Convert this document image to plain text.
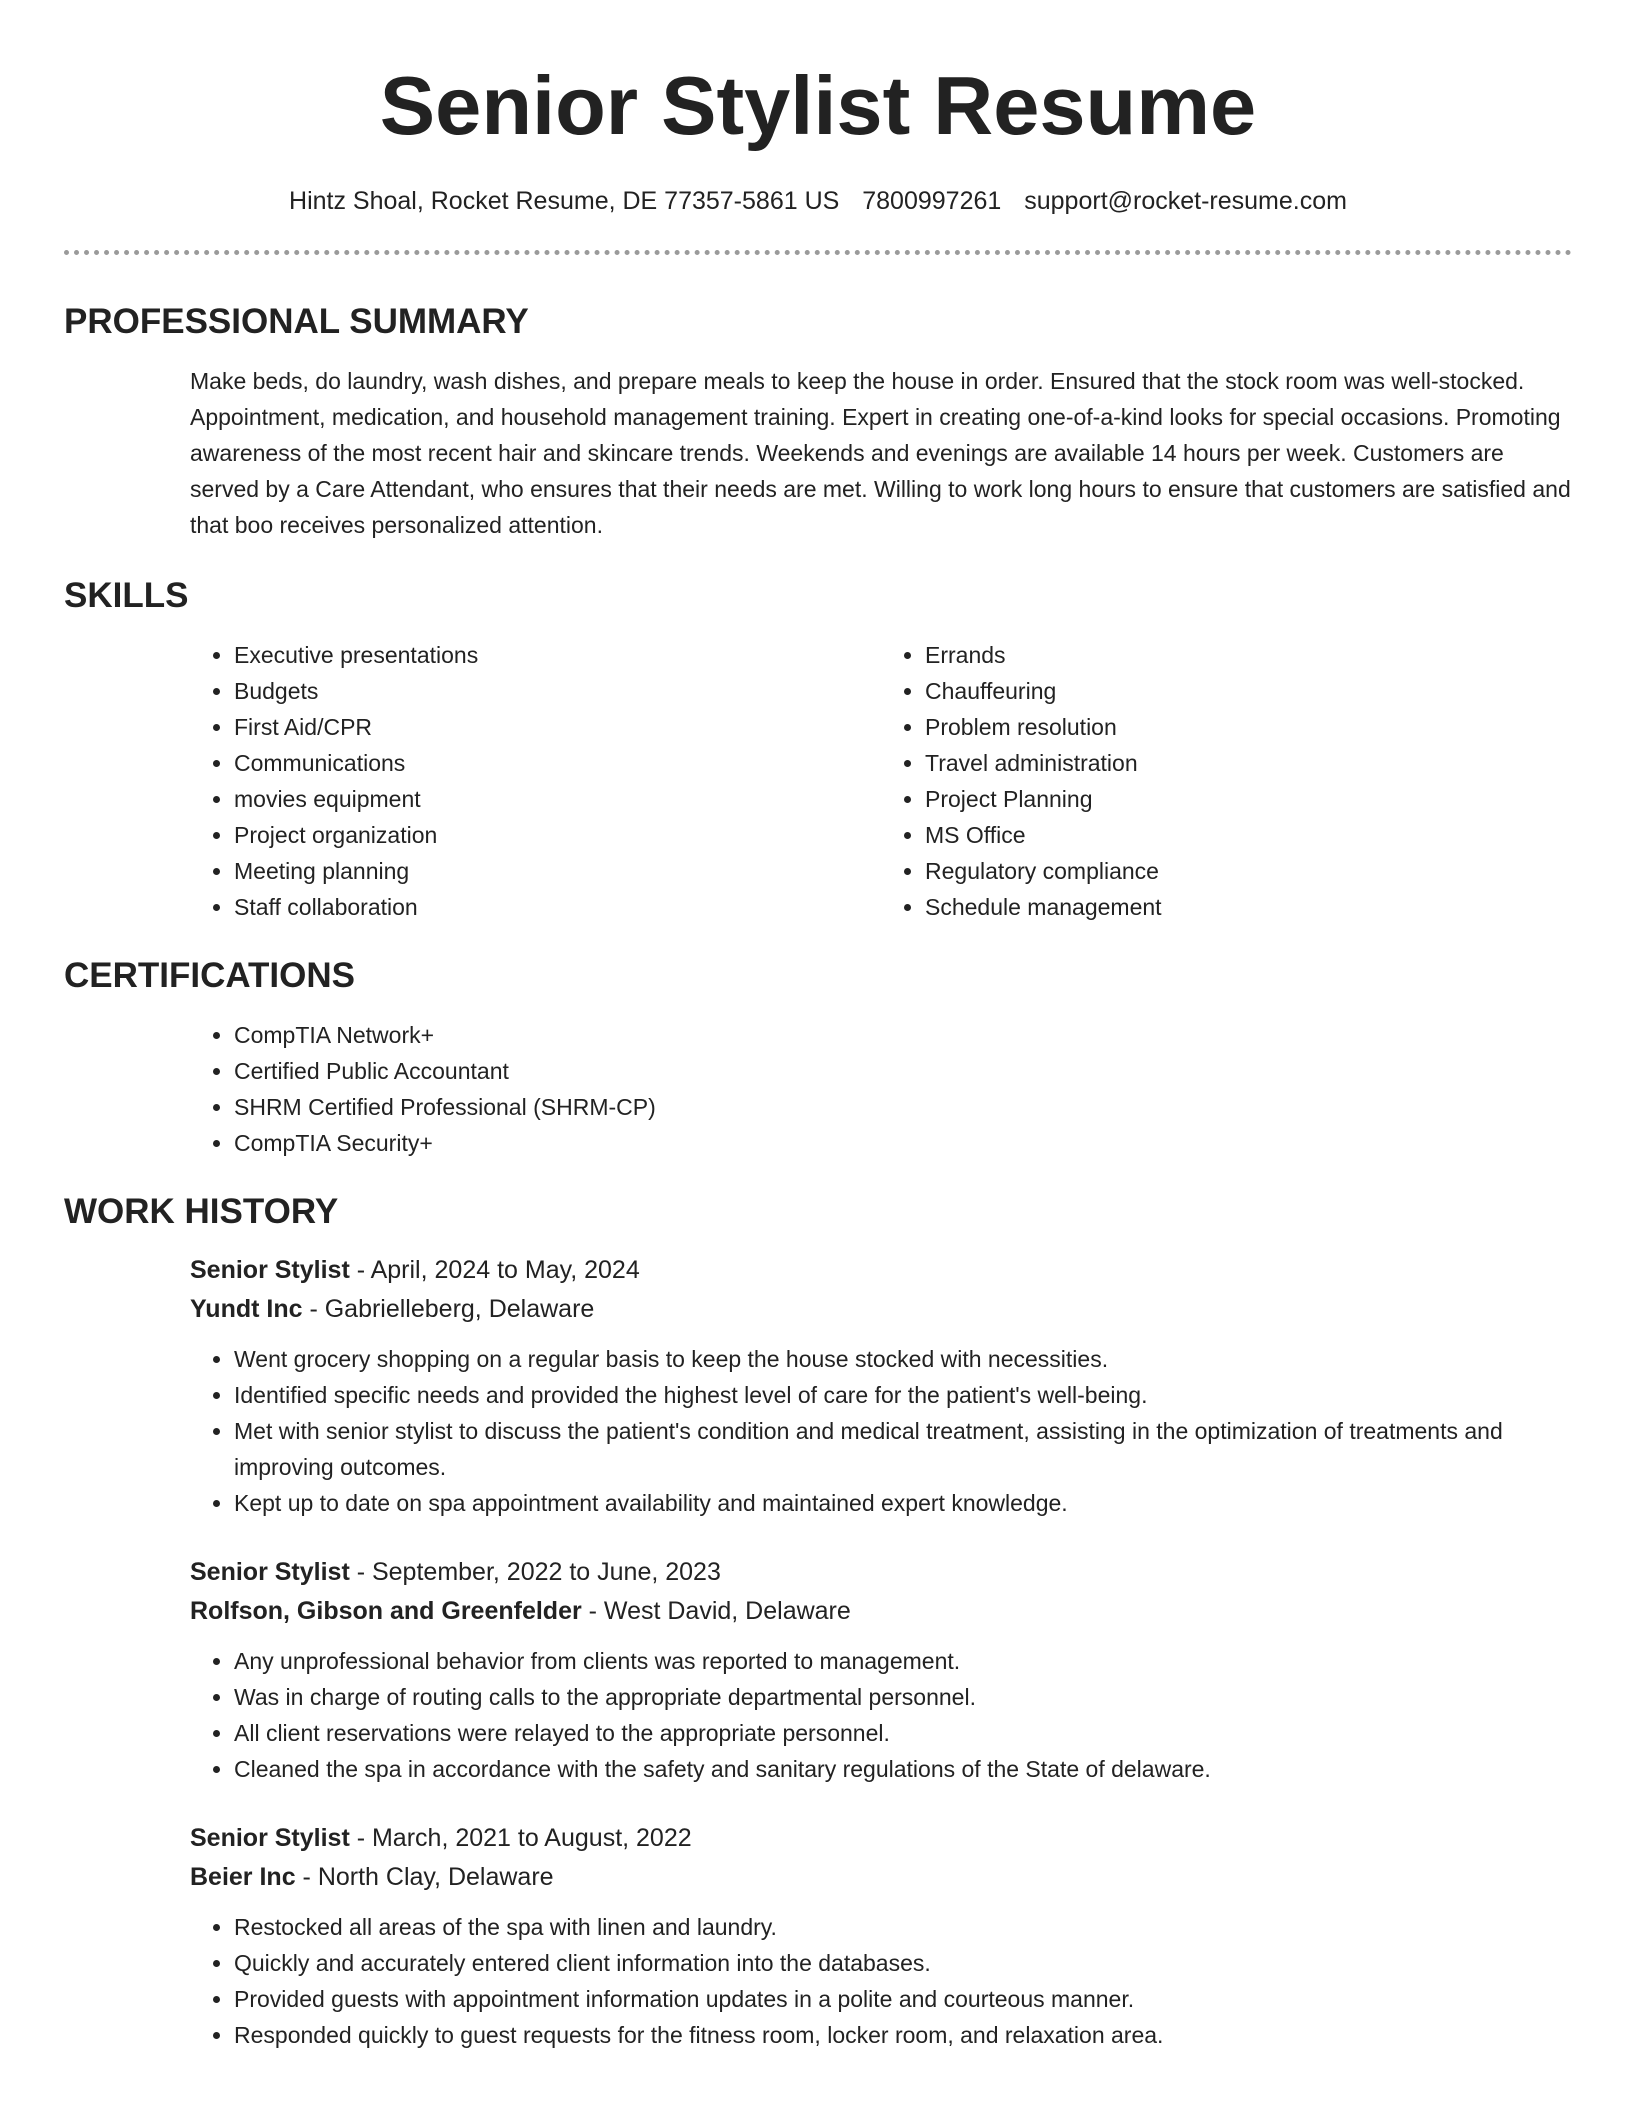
Senior Stylist Resume
Hintz Shoal, Rocket Resume, DE 77357-5861 US 7800997261 support@rocket-resume.com
PROFESSIONAL SUMMARY

Make beds, do laundry, wash dishes, and prepare meals to keep the house in order. Ensured that the stock room was well-stocked. Appointment, medication, and household management training. Expert in creating one-of-a-kind looks for special occasions. Promoting awareness of the most recent hair and skincare trends. Weekends and evenings are available 14 hours per week. Customers are served by a Care Attendant, who ensures that their needs are met. Willing to work long hours to ensure that customers are satisfied and that boo receives personalized attention.

SKILLS
• Executive presentations
• Budgets
• First Aid/CPR
• Communications
• movies equipment
• Project organization
• Meeting planning
• Staff collaboration
• Errands
• Chauffeuring
• Problem resolution
• Travel administration
• Project Planning
• MS Office
• Regulatory compliance
• Schedule management
CERTIFICATIONS
• CompTIA Network+
• Certified Public Accountant
• SHRM Certified Professional (SHRM-CP)
• CompTIA Security+
WORK HISTORY
Senior Stylist - April, 2024 to May, 2024
Yundt Inc - Gabrielleberg, Delaware
• Went grocery shopping on a regular basis to keep the house stocked with necessities.
• Identified specific needs and provided the highest level of care for the patient's well-being.
• Met with senior stylist to discuss the patient's condition and medical treatment, assisting in the optimization of treatments and improving outcomes.
• Kept up to date on spa appointment availability and maintained expert knowledge.
Senior Stylist - September, 2022 to June, 2023
Rolfson, Gibson and Greenfelder - West David, Delaware
• Any unprofessional behavior from clients was reported to management.
• Was in charge of routing calls to the appropriate departmental personnel.
• All client reservations were relayed to the appropriate personnel.
• Cleaned the spa in accordance with the safety and sanitary regulations of the State of delaware.
Senior Stylist - March, 2021 to August, 2022
Beier Inc - North Clay, Delaware
• Restocked all areas of the spa with linen and laundry.
• Quickly and accurately entered client information into the databases.
• Provided guests with appointment information updates in a polite and courteous manner.
• Responded quickly to guest requests for the fitness room, locker room, and relaxation area.
